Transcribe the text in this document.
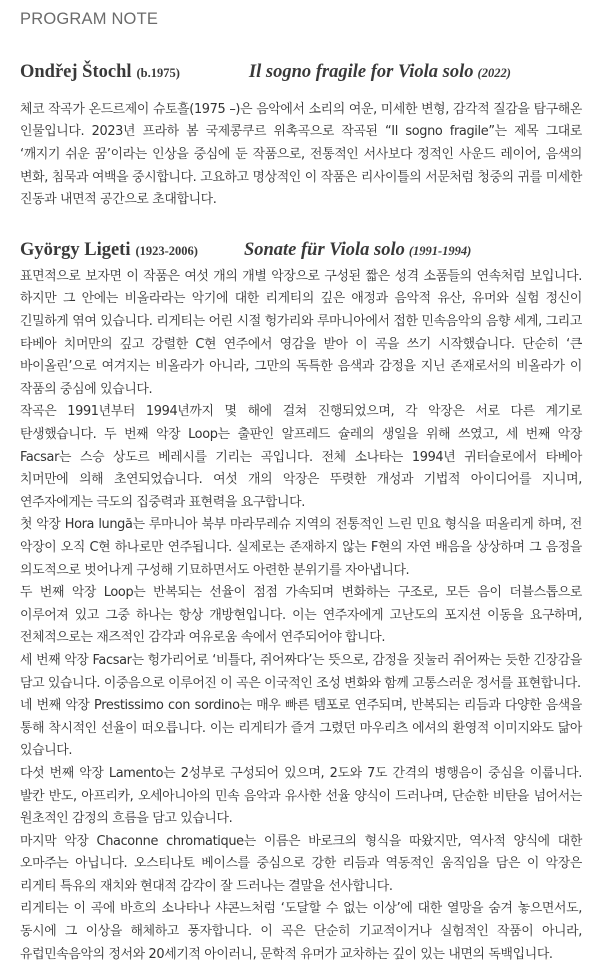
PROGRAM NOTE
Ondřej Štochl (b.1975)	Il sogno fragile for Viola solo (2022)

체코 작곡가 온드르제이 슈토흘(1975 –)은 음악에서 소리의 여운, 미세한 변형, 감각적 질감을 탐구해온 인물입니다. 2023년 프라하 봄 국제콩쿠르 위촉곡으로 작곡된 “Il sogno fragile”는 제목 그대로 ‘깨지기 쉬운 꿈’이라는 인상을 중심에 둔 작품으로, 전통적인 서사보다 정적인 사운드 레이어, 음색의 변화, 침묵과 여백을 중시합니다. 고요하고 명상적인 이 작품은 리사이틀의 서문처럼 청중의 귀를 미세한 진동과 내면적 공간으로 초대합니다.

György Ligeti (1923-2006) Sonate für Viola solo (1991-1994)

표면적으로 보자면 이 작품은 여섯 개의 개별 악장으로 구성된 짧은 성격 소품들의 연속처럼 보입니다. 하지만 그 안에는 비올라라는 악기에 대한 리게티의 깊은 애정과 음악적 유산, 유머와 실험 정신이 긴밀하게 엮여 있습니다. 리게티는 어린 시절 헝가리와 루마니아에서 접한 민속음악의 음향 세계, 그리고 타베아 치머만의 깊고 강렬한 C현 연주에서 영감을 받아 이 곡을 쓰기 시작했습니다. 단순히 ‘큰 바이올린’으로 여겨지는 비올라가 아니라, 그만의 독특한 음색과 감정을 지닌 존재로서의 비올라가 이 작품의 중심에 있습니다.

작곡은 1991년부터 1994년까지 몇 해에 걸쳐 진행되었으며, 각 악장은 서로 다른 계기로 탄생했습니다. 두 번째 악장 Loop는 출판인 알프레드 슐레의 생일을 위해 쓰였고, 세 번째 악장 Facsar는 스승 상도르 베레시를 기리는 곡입니다. 전체 소나타는 1994년 귀터슬로에서 타베아 치머만에 의해 초연되었습니다. 여섯 개의 악장은 뚜렷한 개성과 기법적 아이디어를 지니며, 연주자에게는 극도의 집중력과 표현력을 요구합니다.

첫 악장 Hora lungă는 루마니아 북부 마라무레슈 지역의 전통적인 느린 민요 형식을 떠올리게 하며, 전 악장이 오직 C현 하나로만 연주됩니다. 실제로는 존재하지 않는 F현의 자연 배음을 상상하며 그 음정을 의도적으로 벗어나게 구성해 기묘하면서도 아련한 분위기를 자아냅니다.

두 번째 악장 Loop는 반복되는 선율이 점점 가속되며 변화하는 구조로, 모든 음이 더블스톱으로 이루어져 있고 그중 하나는 항상 개방현입니다. 이는 연주자에게 고난도의 포지션 이동을 요구하며, 전체적으로는 재즈적인 감각과 여유로움 속에서 연주되어야 합니다.

세 번째 악장 Facsar는 헝가리어로 ‘비틀다, 쥐어짜다’는 뜻으로, 감정을 짓눌러 쥐어짜는 듯한 긴장감을 담고 있습니다. 이중음으로 이루어진 이 곡은 이국적인 조성 변화와 함께 고통스러운 정서를 표현합니다.

네 번째 악장 Prestissimo con sordino는 매우 빠른 템포로 연주되며, 반복되는 리듬과 다양한 음색을 통해 착시적인 선율이 떠오릅니다. 이는 리게티가 즐겨 그렸던 마우리츠 에셔의 환영적 이미지와도 닮아 있습니다.

다섯 번째 악장 Lamento는 2성부로 구성되어 있으며, 2도와 7도 간격의 병행음이 중심을 이룹니다.발칸 반도, 아프리카, 오세아니아의 민속 음악과 유사한 선율 양식이 드러나며, 단순한 비탄을 넘어서는 원초적인 감정의 흐름을 담고 있습니다.

마지막 악장 Chaconne chromatique는 이름은 바로크의 형식을 따왔지만, 역사적 양식에 대한 오마주는 아닙니다. 오스티나토 베이스를 중심으로 강한 리듬과 역동적인 움직임을 담은 이 악장은 리게티 특유의 재치와 현대적 감각이 잘 드러나는 결말을 선사합니다.

리게티는 이 곡에 바흐의 소나타나 샤콘느처럼 ‘도달할 수 없는 이상’에 대한 열망을 숨겨 놓으면서도, 동시에 그 이상을 해체하고 풍자합니다. 이 곡은 단순히 기교적이거나 실험적인 작품이 아니라, 유럽민속음악의 정서와 20세기적 아이러니, 문학적 유머가 교차하는 깊이 있는 내면의 독백입니다.
